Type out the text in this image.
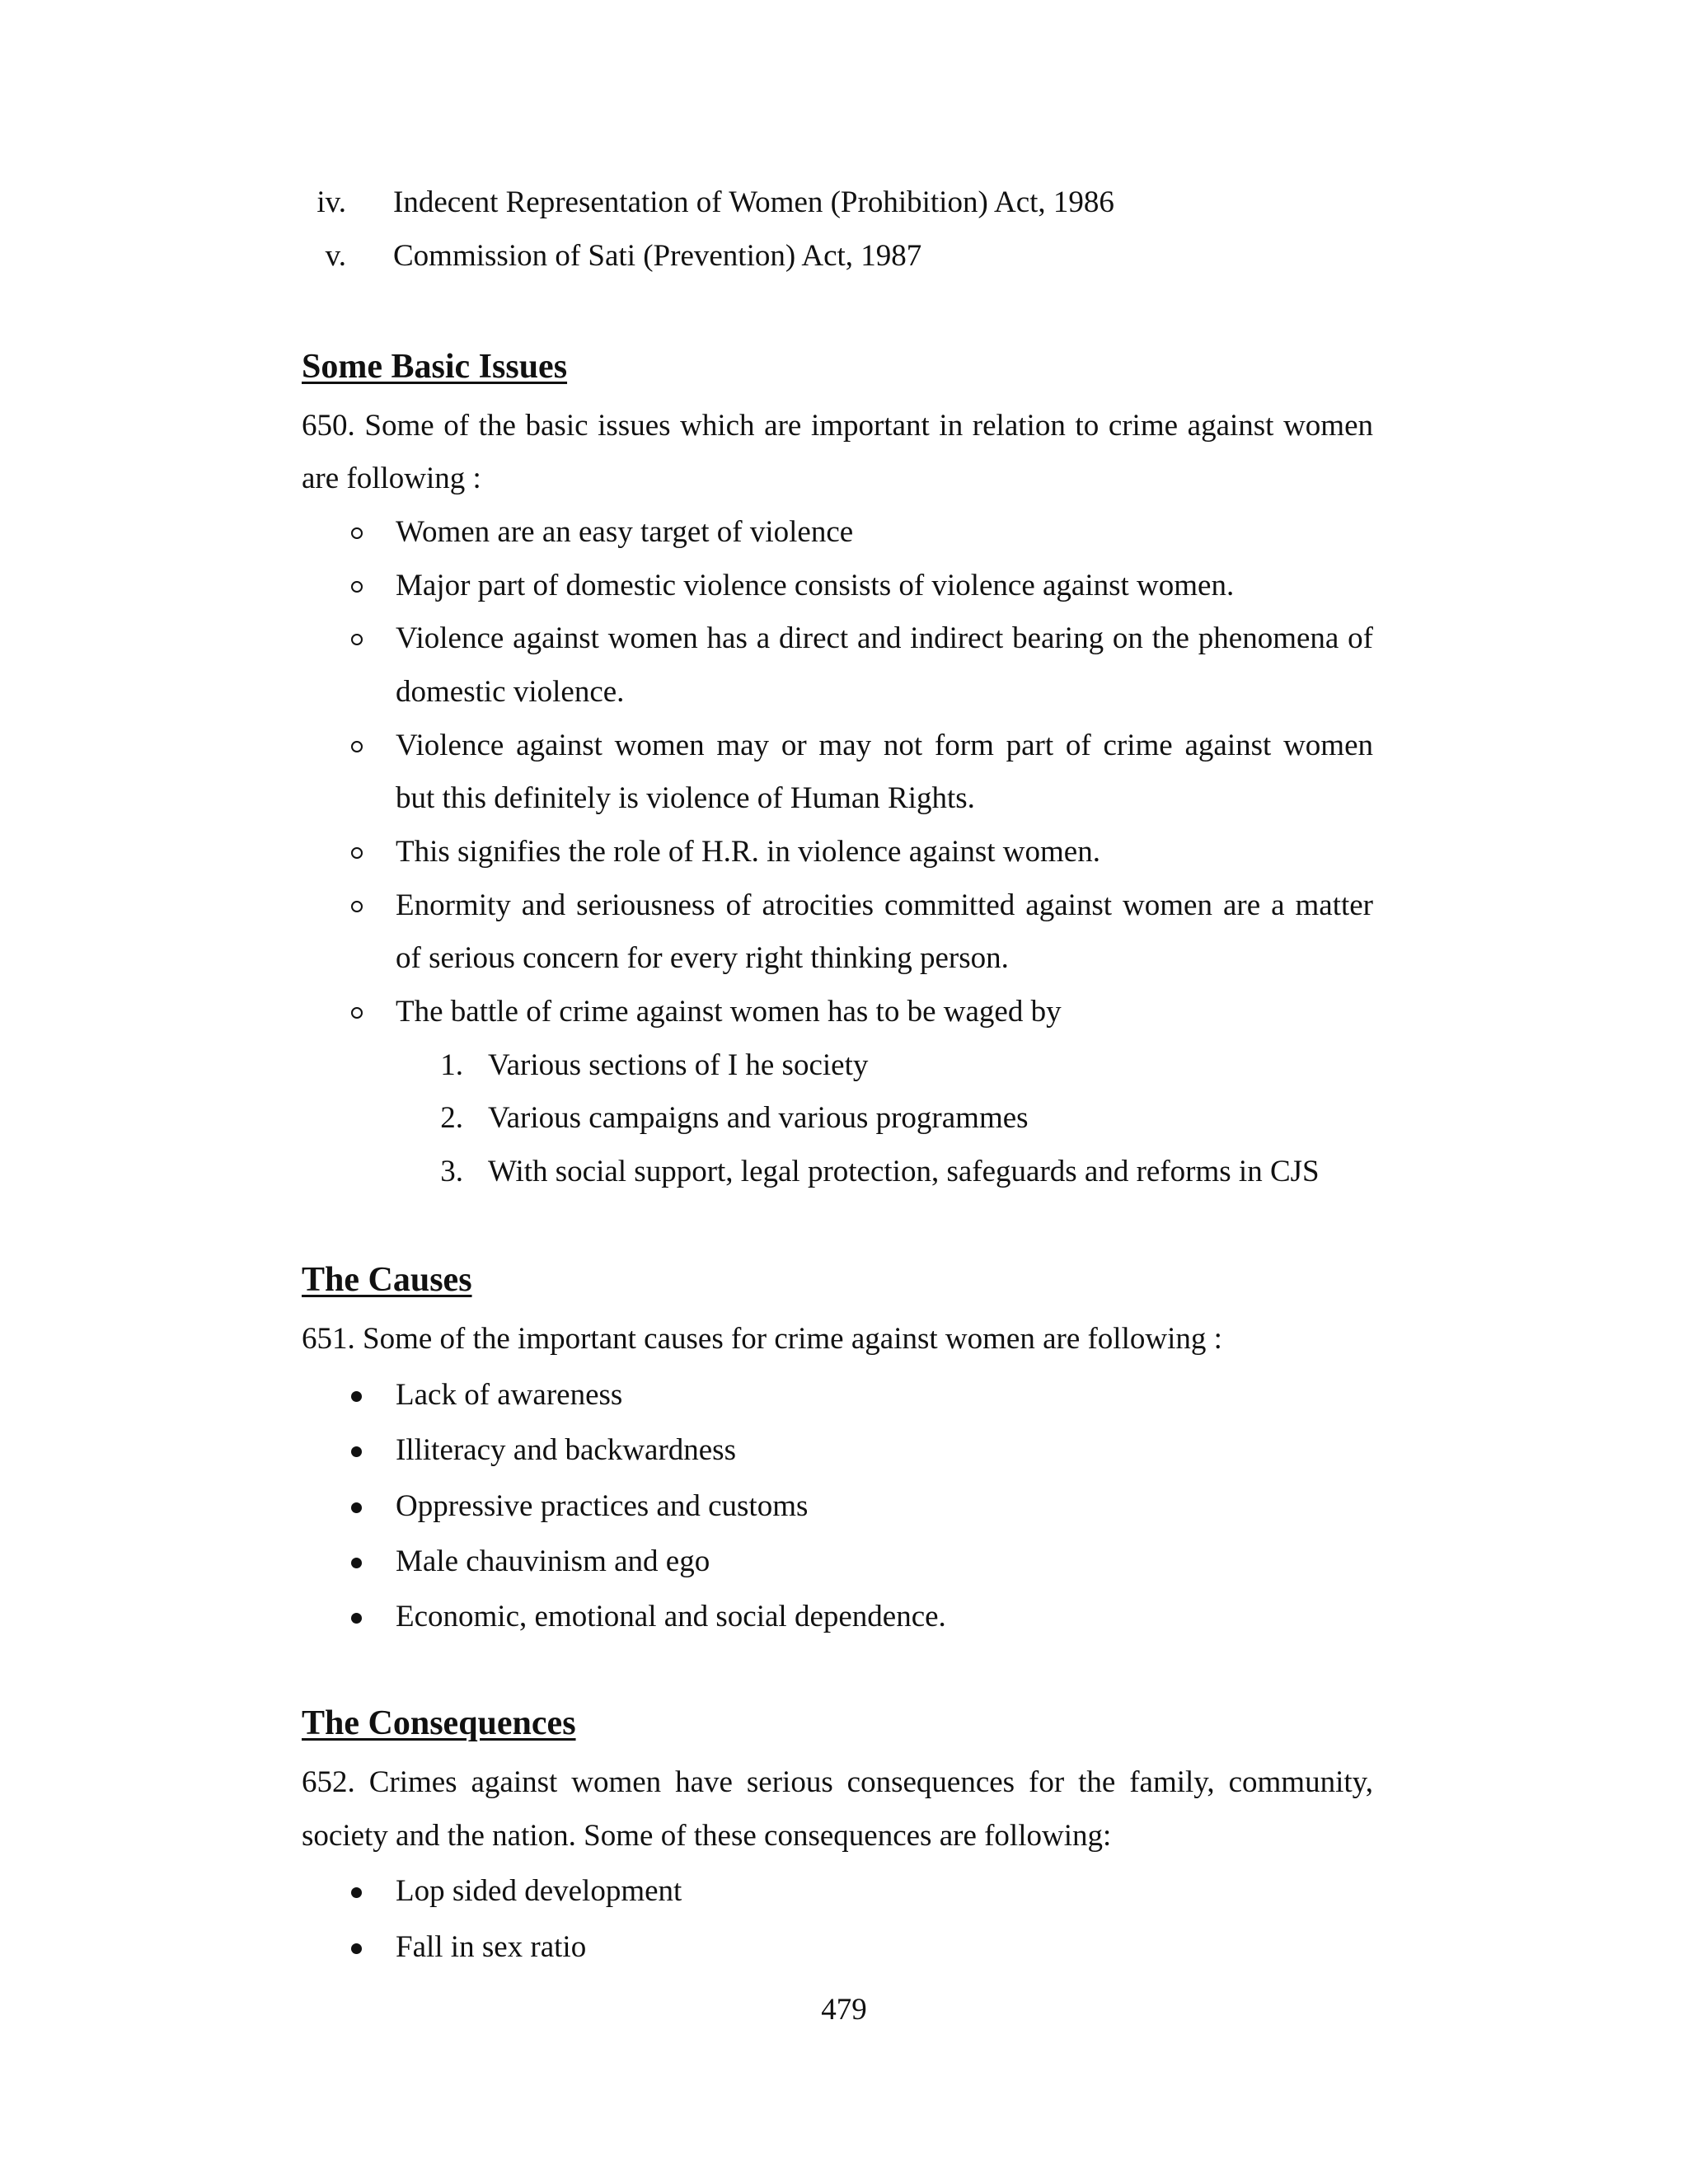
iv. Indecent Representation of Women (Prohibition) Act, 1986
v. Commission of Sati (Prevention) Act, 1987
Some Basic Issues
650. Some of the basic issues which are important in relation to crime against women
are following :
Women are an easy target of violence
Major part of domestic violence consists of violence against women.
Violence against women has a direct and indirect bearing on the phenomena of
domestic violence.
Violence against women may or may not form part of crime against women
but this definitely is violence of Human Rights.
This signifies the role of H.R. in violence against women.
Enormity and seriousness of atrocities committed against women are a matter
of serious concern for every right thinking person.
The battle of crime against women has to be waged by
1. Various sections of I he society
2. Various campaigns and various programmes
3. With social support, legal protection, safeguards and reforms in CJS
The Causes
651. Some of the important causes for crime against women are following :
Lack of awareness
Illiteracy and backwardness
Oppressive practices and customs
Male chauvinism and ego
Economic, emotional and social dependence.
The Consequences
652. Crimes against women have serious consequences for the family, community,
society and the nation. Some of these consequences are following:
Lop sided development
Fall in sex ratio
479
